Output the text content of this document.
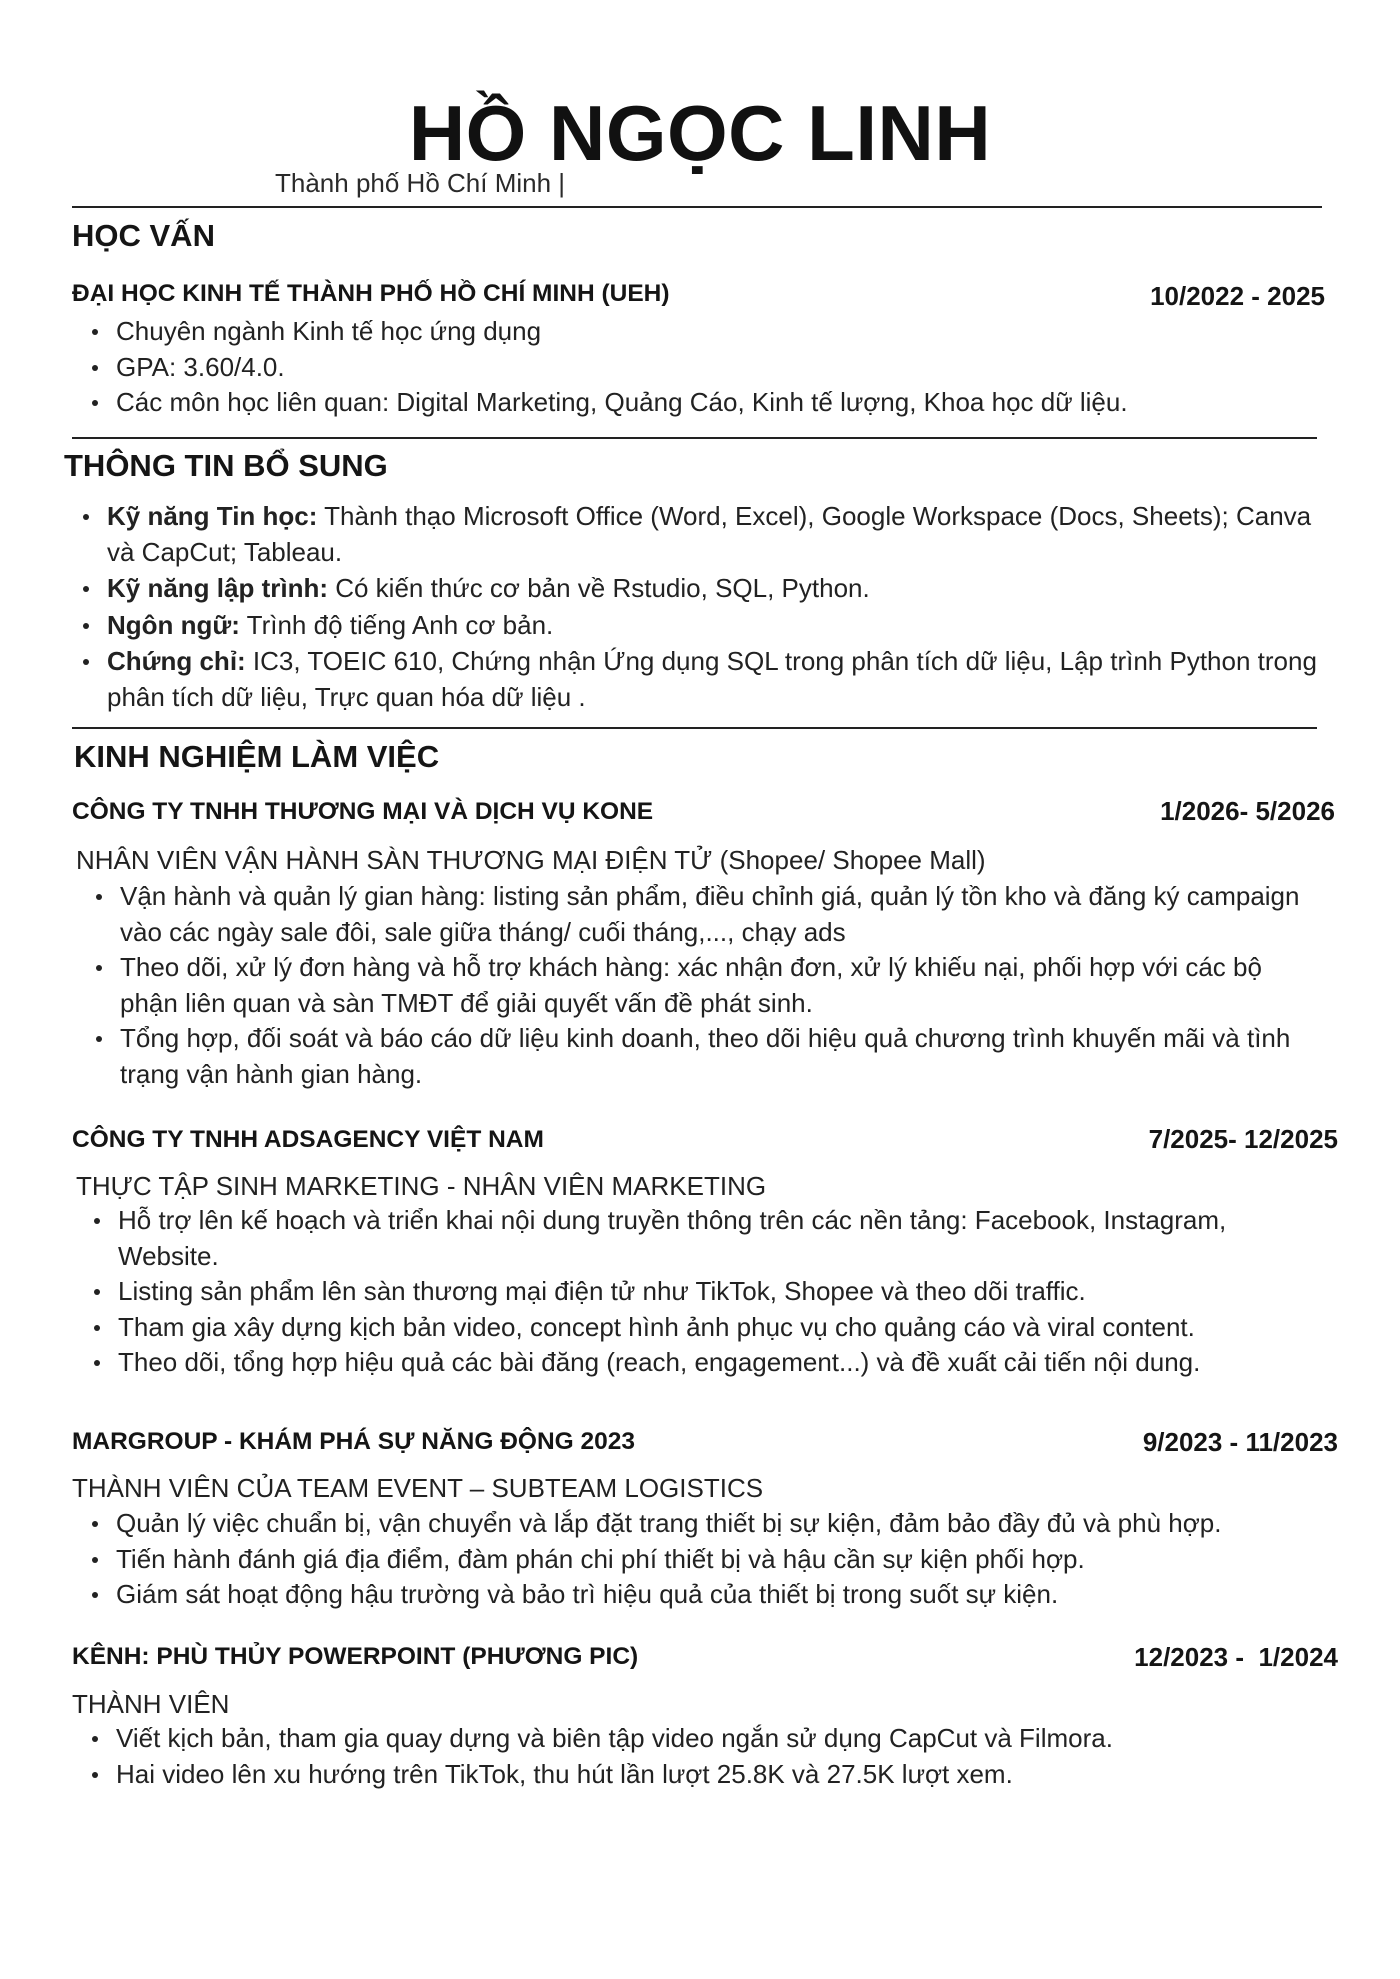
HỒ NGỌC LINH
Thành phố Hồ Chí Minh |
HỌC VẤN
ĐẠI HỌC KINH TẾ THÀNH PHỐ HỒ CHÍ MINH (UEH)	10/2022 - 2025
Chuyên ngành Kinh tế học ứng dụng
GPA: 3.60/4.0.
Các môn học liên quan: Digital Marketing, Quảng Cáo, Kinh tế lượng, Khoa học dữ liệu.
THÔNG TIN BỔ SUNG
Kỹ năng Tin học: Thành thạo Microsoft Office (Word, Excel), Google Workspace (Docs, Sheets); Canva và CapCut; Tableau.
Kỹ năng lập trình: Có kiến thức cơ bản về Rstudio, SQL, Python.
Ngôn ngữ: Trình độ tiếng Anh cơ bản.
Chứng chỉ: IC3, TOEIC 610, Chứng nhận Ứng dụng SQL trong phân tích dữ liệu, Lập trình Python trong phân tích dữ liệu, Trực quan hóa dữ liệu .
KINH NGHIỆM LÀM VIỆC
CÔNG TY TNHH THƯƠNG MẠI VÀ DỊCH VỤ KONE	1/2026- 5/2026
NHÂN VIÊN VẬN HÀNH SÀN THƯƠNG MẠI ĐIỆN TỬ (Shopee/ Shopee Mall)
Vận hành và quản lý gian hàng: listing sản phẩm, điều chỉnh giá, quản lý tồn kho và đăng ký campaign vào các ngày sale đôi, sale giữa tháng/ cuối tháng,..., chạy ads
Theo dõi, xử lý đơn hàng và hỗ trợ khách hàng: xác nhận đơn, xử lý khiếu nại, phối hợp với các bộ phận liên quan và sàn TMĐT để giải quyết vấn đề phát sinh.
Tổng hợp, đối soát và báo cáo dữ liệu kinh doanh, theo dõi hiệu quả chương trình khuyến mãi và tình trạng vận hành gian hàng.
CÔNG TY TNHH ADSAGENCY VIỆT NAM	7/2025- 12/2025
THỰC TẬP SINH MARKETING - NHÂN VIÊN MARKETING
Hỗ trợ lên kế hoạch và triển khai nội dung truyền thông trên các nền tảng: Facebook, Instagram, Website.
Listing sản phẩm lên sàn thương mại điện tử như TikTok, Shopee và theo dõi traffic.
Tham gia xây dựng kịch bản video, concept hình ảnh phục vụ cho quảng cáo và viral content.
Theo dõi, tổng hợp hiệu quả các bài đăng (reach, engagement...) và đề xuất cải tiến nội dung.
MARGROUP - KHÁM PHÁ SỰ NĂNG ĐỘNG 2023	9/2023 - 11/2023
THÀNH VIÊN CỦA TEAM EVENT – SUBTEAM LOGISTICS
Quản lý việc chuẩn bị, vận chuyển và lắp đặt trang thiết bị sự kiện, đảm bảo đầy đủ và phù hợp.
Tiến hành đánh giá địa điểm, đàm phán chi phí thiết bị và hậu cần sự kiện phối hợp.
Giám sát hoạt động hậu trường và bảo trì hiệu quả của thiết bị trong suốt sự kiện.
KÊNH: PHÙ THỦY POWERPOINT (PHƯƠNG PIC)	12/2023 -  1/2024
THÀNH VIÊN
Viết kịch bản, tham gia quay dựng và biên tập video ngắn sử dụng CapCut và Filmora.
Hai video lên xu hướng trên TikTok, thu hút lần lượt 25.8K và 27.5K lượt xem.
